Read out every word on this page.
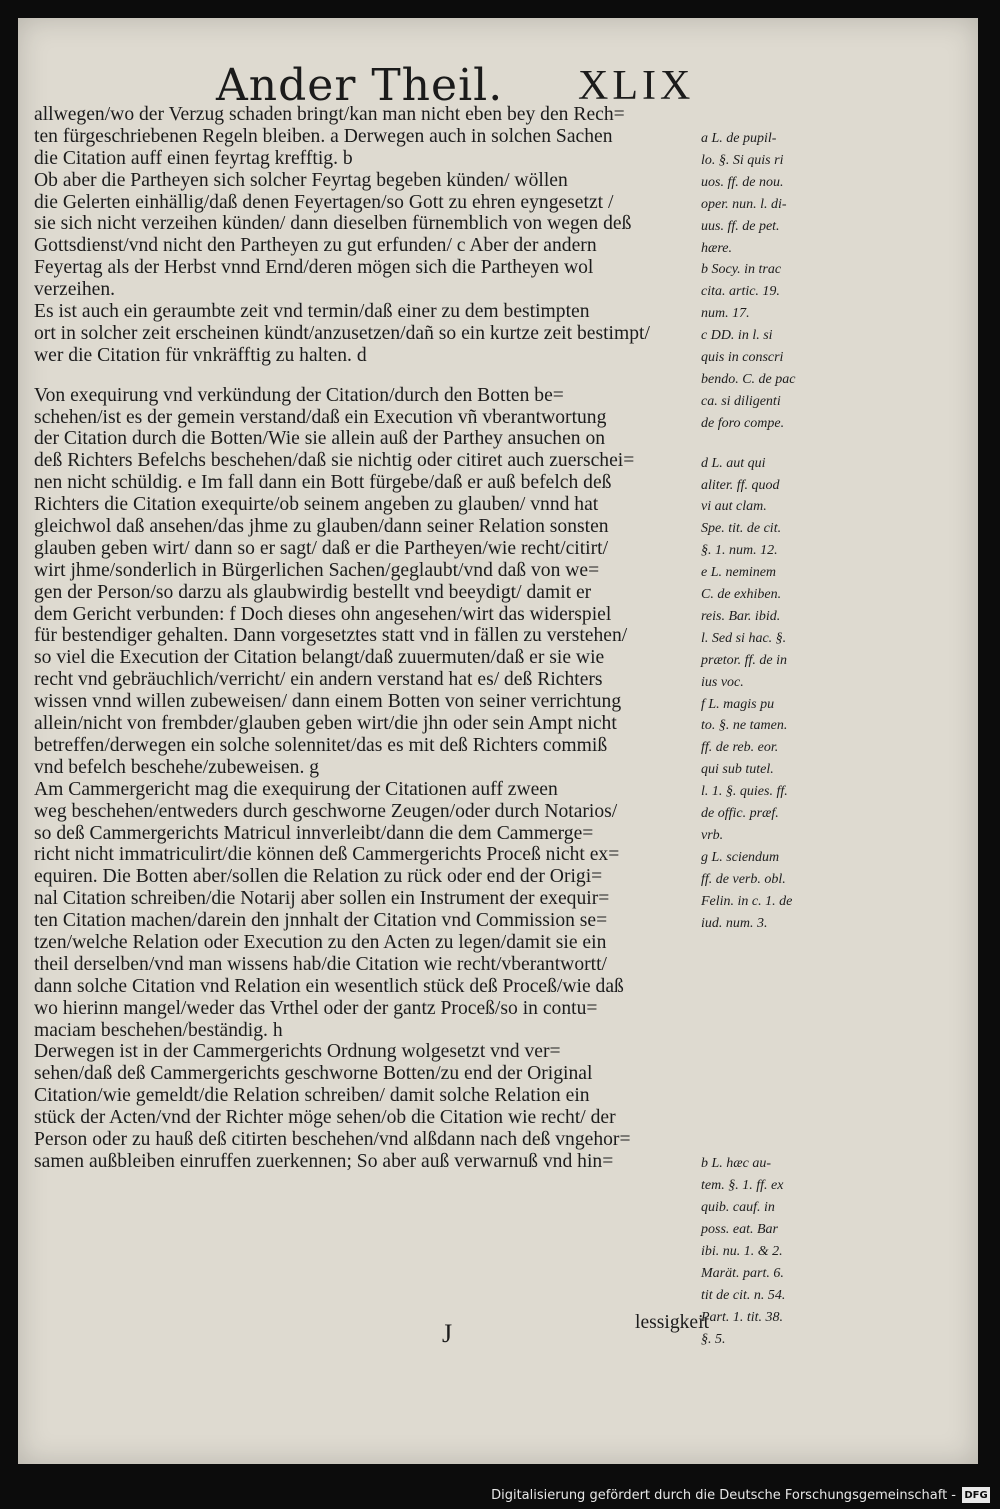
Ander Theil. XLIX
allwegen/wo der Verzug schaden bringt/kan man nicht eben bey den Rech=
ten fürgeschriebenen Regeln bleiben. a Derwegen auch in solchen Sachen
die Citation auff einen feyrtag krefftig. b
Ob aber die Partheyen sich solcher Feyrtag begeben künden/ wöllen
die Gelerten einhällig/daß denen Feyertagen/so Gott zu ehren eyngesetzt /
sie sich nicht verzeihen künden/ dann dieselben fürnemblich von wegen deß
Gottsdienst/vnd nicht den Partheyen zu gut erfunden/ c Aber der andern
Feyertag als der Herbst vnnd Ernd/deren mögen sich die Partheyen wol
verzeihen.
Es ist auch ein geraumbte zeit vnd termin/daß einer zu dem bestimpten
ort in solcher zeit erscheinen kündt/anzusetzen/dañ so ein kurtze zeit bestimpt/
wer die Citation für vnkräfftig zu halten. d
Von exequirung vnd verkündung der Citation/durch den Botten be=
schehen/ist es der gemein verstand/daß ein Execution vñ vberantwortung
der Citation durch die Botten/Wie sie allein auß der Parthey ansuchen on
deß Richters Befelchs beschehen/daß sie nichtig oder citiret auch zuerschei=
nen nicht schüldig. e Im fall dann ein Bott fürgebe/daß er auß befelch deß
Richters die Citation exequirte/ob seinem angeben zu glauben/ vnnd hat
gleichwol daß ansehen/das jhme zu glauben/dann seiner Relation sonsten
glauben geben wirt/ dann so er sagt/ daß er die Partheyen/wie recht/citirt/
wirt jhme/sonderlich in Bürgerlichen Sachen/geglaubt/vnd daß von we=
gen der Person/so darzu als glaubwirdig bestellt vnd beeydigt/ damit er
dem Gericht verbunden: f Doch dieses ohn angesehen/wirt das widerspiel
für bestendiger gehalten. Dann vorgesetztes statt vnd in fällen zu verstehen/
so viel die Execution der Citation belangt/daß zuuermuten/daß er sie wie
recht vnd gebräuchlich/verricht/ ein andern verstand hat es/ deß Richters
wissen vnnd willen zubeweisen/ dann einem Botten von seiner verrichtung
allein/nicht von frembder/glauben geben wirt/die jhn oder sein Ampt nicht
betreffen/derwegen ein solche solennitet/das es mit deß Richters commiß
vnd befelch beschehe/zubeweisen. g
Am Cammergericht mag die exequirung der Citationen auff zween
weg beschehen/entweders durch geschworne Zeugen/oder durch Notarios/
so deß Cammergerichts Matricul innverleibt/dann die dem Cammerge=
richt nicht immatriculirt/die können deß Cammergerichts Proceß nicht ex=
equiren. Die Botten aber/sollen die Relation zu rück oder end der Origi=
nal Citation schreiben/die Notarij aber sollen ein Instrument der exequir=
ten Citation machen/darein den jnnhalt der Citation vnd Commission se=
tzen/welche Relation oder Execution zu den Acten zu legen/damit sie ein
theil derselben/vnd man wissens hab/die Citation wie recht/vberantwortt/
dann solche Citation vnd Relation ein wesentlich stück deß Proceß/wie daß
wo hierinn mangel/weder das Vrthel oder der gantz Proceß/so in contu=
maciam beschehen/beständig. h
Derwegen ist in der Cammergerichts Ordnung wolgesetzt vnd ver=
sehen/daß deß Cammergerichts geschworne Botten/zu end der Original
Citation/wie gemeldt/die Relation schreiben/ damit solche Relation ein
stück der Acten/vnd der Richter möge sehen/ob die Citation wie recht/ der
Person oder zu hauß deß citirten beschehen/vnd alßdann nach deß vngehor=
samen außbleiben einruffen zuerkennen; So aber auß verwarnuß vnd hin=
a L. de pupil-
lo. §. Si quis ri
uos. ff. de nou.
oper. nun. l. di-
uus. ff. de pet.
hære.
b Socy. in trac
cita. artic. 19.
num. 17.
c DD. in l. si
quis in conscri
bendo. C. de pac
ca. si diligenti
de foro compe.
d L. aut qui
aliter. ff. quod
vi aut clam.
Spe. tit. de cit.
§. 1. num. 12.
e L. neminem
C. de exhiben.
reis. Bar. ibid.
l. Sed si hac. §.
prætor. ff. de in
ius voc.
f L. magis pu
to. §. ne tamen.
ff. de reb. eor.
qui sub tutel.
l. 1. §. quies. ff.
de offic. præf.
vrb.
g L. sciendum
ff. de verb. obl.
Felin. in c. 1. de
iud. num. 3.
b L. hæc au-
tem. §. 1. ff. ex
quib. cauf. in
poss. eat. Bar
ibi. nu. 1. & 2.
Marät. part. 6.
tit de cit. n. 54.
Part. 1. tit. 38.
§. 5.
J	lessigkeit
Digitalisierung gefördert durch die Deutsche Forschungsgemeinschaft - DFG
